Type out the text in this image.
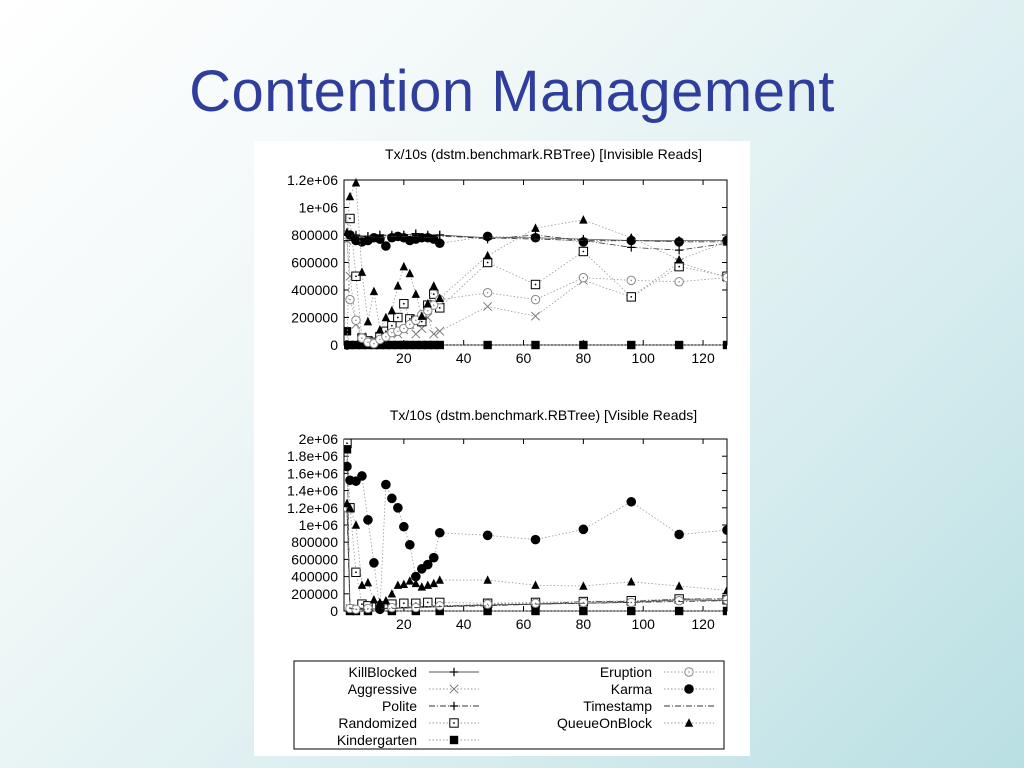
Contention Management
Tx/10s (dstm.benchmark.RBTree) [Invisible Reads]
20	40	60	80	100	120
0
200000
400000
600000
800000
1e+06
1.2e+06
Tx/10s (dstm.benchmark.RBTree) [Visible Reads]
20	40	60	80	100	120
0
200000
400000
600000
800000
1e+06
1.2e+06
1.4e+06
1.6e+06
1.8e+06
2e+06
KillBlocked
Aggressive
Polite
Randomized
Kindergarten
Eruption
Karma
Timestamp
QueueOnBlock
